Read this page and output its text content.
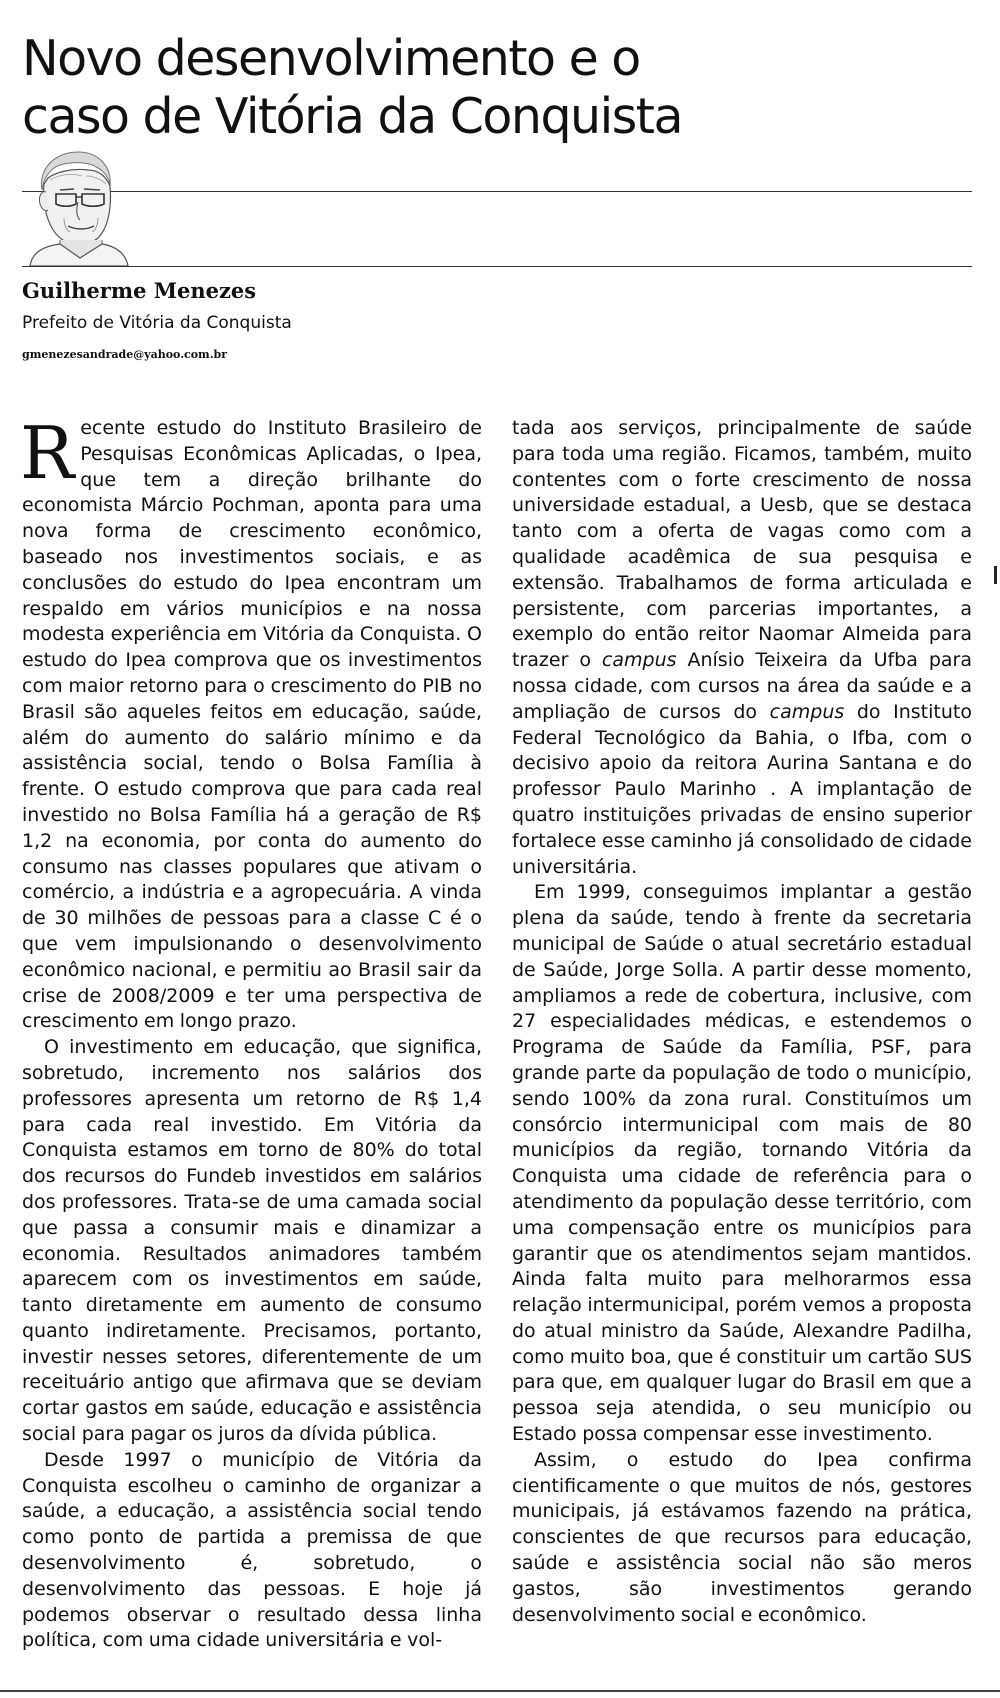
Novo desenvolvimento e o
caso de Vitória da Conquista

Guilherme Menezes

Prefeito de Vitória da Conquista

gmenezesandrade@yahoo.com.br

Recente estudo do Instituto Brasileiro de Pesquisas Econômicas Aplicadas, o Ipea, que tem a direção brilhante do economista Márcio Pochman, aponta para uma nova forma de crescimento econômico, baseado nos investimentos sociais, e as conclusões do estudo do Ipea encontram um respaldo em vários municípios e na nossa modesta experiência em Vitória da Conquista. O estudo do Ipea comprova que os investimentos com maior retorno para o crescimento do PIB no Brasil são aqueles feitos em educação, saúde, além do aumento do salário mínimo e da assistência social, tendo o Bolsa Família à frente. O estudo comprova que para cada real investido no Bolsa Família há a geração de R$ 1,2 na economia, por conta do aumento do consumo nas classes populares que ativam o comércio, a indústria e a agropecuária. A vinda de 30 milhões de pessoas para a classe C é o que vem impulsionando o desenvolvimento econômico nacional, e permitiu ao Brasil sair da crise de 2008/2009 e ter uma perspectiva de crescimento em longo prazo.

O investimento em educação, que significa, sobretudo, incremento nos salários dos professores apresenta um retorno de R$ 1,4 para cada real investido. Em Vitória da Conquista estamos em torno de 80% do total dos recursos do Fundeb investidos em salários dos professores. Trata-se de uma camada social que passa a consumir mais e dinamizar a economia. Resultados animadores também aparecem com os investimentos em saúde, tanto diretamente em aumento de consumo quanto indiretamente. Precisamos, portanto, investir nesses setores, diferentemente de um receituário antigo que afirmava que se deviam cortar gastos em saúde, educação e assistência social para pagar os juros da dívida pública.

Desde 1997 o município de Vitória da Conquista escolheu o caminho de organizar a saúde, a educação, a assistência social tendo como ponto de partida a premissa de que desenvolvimento é, sobretudo, o desenvolvimento das pessoas. E hoje já podemos observar o resultado dessa linha política, com uma cidade universitária e vol-

tada aos serviços, principalmente de saúde para toda uma região. Ficamos, também, muito contentes com o forte crescimento de nossa universidade estadual, a Uesb, que se destaca tanto com a oferta de vagas como com a qualidade acadêmica de sua pesquisa e extensão. Trabalhamos de forma articulada e persistente, com parcerias importantes, a exemplo do então reitor Naomar Almeida para trazer o campus Anísio Teixeira da Ufba para nossa cidade, com cursos na área da saúde e a ampliação de cursos do campus do Instituto Federal Tecnológico da Bahia, o Ifba, com o decisivo apoio da reitora Aurina Santana e do professor Paulo Marinho . A implantação de quatro instituições privadas de ensino superior fortalece esse caminho já consolidado de cidade universitária.

Em 1999, conseguimos implantar a gestão plena da saúde, tendo à frente da secretaria municipal de Saúde o atual secretário estadual de Saúde, Jorge Solla. A partir desse momento, ampliamos a rede de cobertura, inclusive, com 27 especialidades médicas, e estendemos o Programa de Saúde da Família, PSF, para grande parte da população de todo o município, sendo 100% da zona rural. Constituímos um consórcio intermunicipal com mais de 80 municípios da região, tornando Vitória da Conquista uma cidade de referência para o atendimento da população desse território, com uma compensação entre os municípios para garantir que os atendimentos sejam mantidos. Ainda falta muito para melhorarmos essa relação intermunicipal, porém vemos a proposta do atual ministro da Saúde, Alexandre Padilha, como muito boa, que é constituir um cartão SUS para que, em qualquer lugar do Brasil em que a pessoa seja atendida, o seu município ou Estado possa compensar esse investimento.

Assim, o estudo do Ipea confirma cientificamente o que muitos de nós, gestores municipais, já estávamos fazendo na prática, conscientes de que recursos para educação, saúde e assistência social não são meros gastos, são investimentos gerando desenvolvimento social e econômico.
